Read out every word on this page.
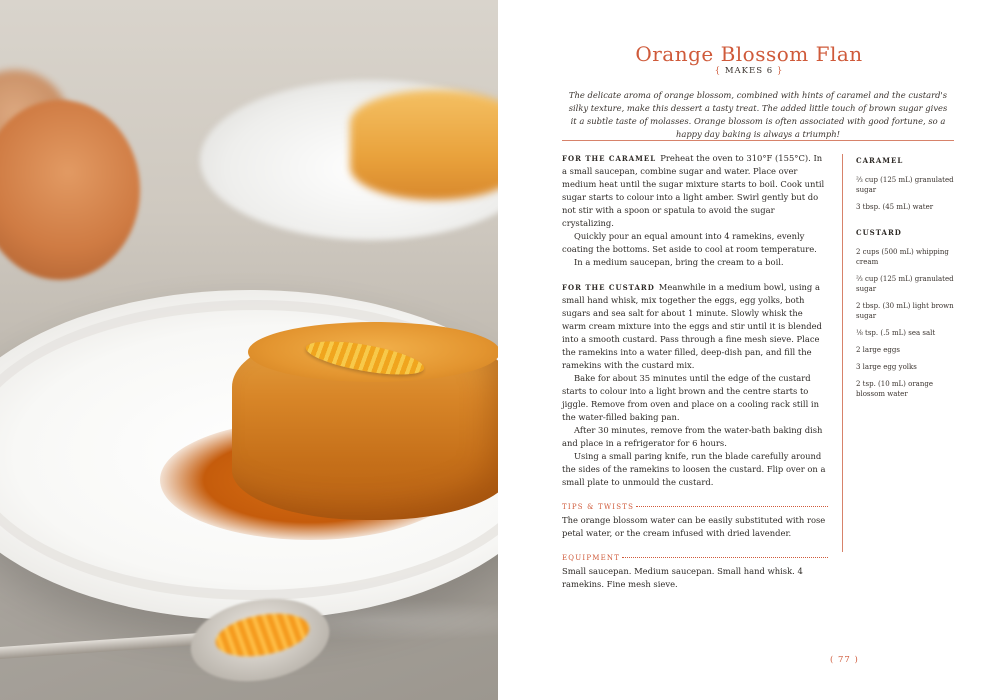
Orange Blossom Flan
{ MAKES 6 }

The delicate aroma of orange blossom, combined with hints of caramel and the custard's silky texture, make this dessert a tasty treat. The added little touch of brown sugar gives it a subtle taste of molasses. Orange blossom is often associated with good fortune, so a happy day baking is always a triumph!

FOR THE CARAMEL Preheat the oven to 310°F (155°C). In a small saucepan, combine sugar and water. Place over medium heat until the sugar mixture starts to boil. Cook until sugar starts to colour into a light amber. Swirl gently but do not stir with a spoon or spatula to avoid the sugar crystalizing.

Quickly pour an equal amount into 4 ramekins, evenly coating the bottoms. Set aside to cool at room temperature.

In a medium saucepan, bring the cream to a boil.

FOR THE CUSTARD Meanwhile in a medium bowl, using a small hand whisk, mix together the eggs, egg yolks, both sugars and sea salt for about 1 minute. Slowly whisk the warm cream mixture into the eggs and stir until it is blended into a smooth custard. Pass through a fine mesh sieve. Place the ramekins into a water filled, deep-dish pan, and fill the ramekins with the custard mix.

Bake for about 35 minutes until the edge of the custard starts to colour into a light brown and the centre starts to jiggle. Remove from oven and place on a cooling rack still in the water-filled baking pan.

After 30 minutes, remove from the water-bath baking dish and place in a refrigerator for 6 hours.

Using a small paring knife, run the blade carefully around the sides of the ramekins to loosen the custard. Flip over on a small plate to unmould the custard.

TIPS & TWISTS

The orange blossom water can be easily substituted with rose petal water, or the cream infused with dried lavender.

EQUIPMENT

Small saucepan. Medium saucepan. Small hand whisk. 4 ramekins. Fine mesh sieve.

CARAMEL
⅔ cup (125 mL) granulated sugar
3 tbsp. (45 mL) water
CUSTARD
2 cups (500 mL) whipping cream
⅔ cup (125 mL) granulated sugar
2 tbsp. (30 mL) light brown sugar
⅛ tsp. (.5 mL) sea salt
2 large eggs
3 large egg yolks
2 tsp. (10 mL) orange blossom water
( 77 )
